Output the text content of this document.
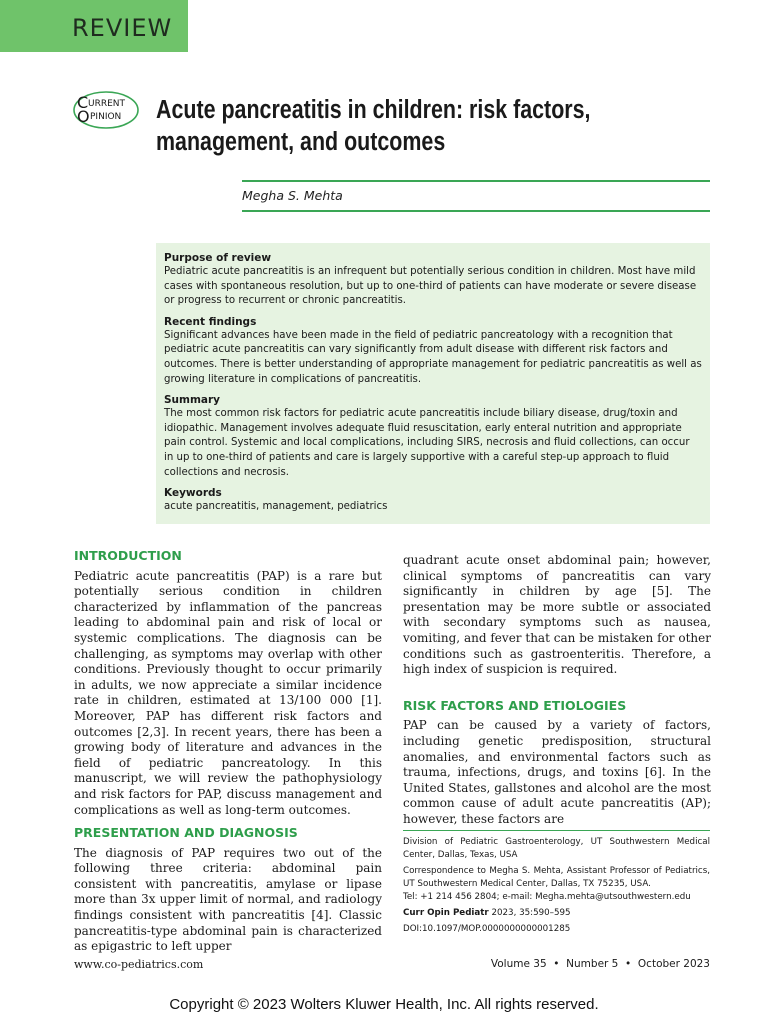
REVIEW
C URRENT
O PINION Acute pancreatitis in children: risk factors, management, and outcomes
Megha S. Mehta
Purpose of review

Pediatric acute pancreatitis is an infrequent but potentially serious condition in children. Most have mild cases with spontaneous resolution, but up to one-third of patients can have moderate or severe disease or progress to recurrent or chronic pancreatitis.

Recent findings

Significant advances have been made in the field of pediatric pancreatology with a recognition that pediatric acute pancreatitis can vary significantly from adult disease with different risk factors and outcomes. There is better understanding of appropriate management for pediatric pancreatitis as well as growing literature in complications of pancreatitis.

Summary

The most common risk factors for pediatric acute pancreatitis include biliary disease, drug/toxin and idiopathic. Management involves adequate fluid resuscitation, early enteral nutrition and appropriate pain control. Systemic and local complications, including SIRS, necrosis and fluid collections, can occur in up to one-third of patients and care is largely supportive with a careful step-up approach to fluid collections and necrosis.

Keywords

acute pancreatitis, management, pediatrics

INTRODUCTION

Pediatric acute pancreatitis (PAP) is a rare but potentially serious condition in children characterized by inflammation of the pancreas leading to abdominal pain and risk of local or systemic complications. The diagnosis can be challenging, as symptoms may overlap with other conditions. Previously thought to occur primarily in adults, we now appreciate a similar incidence rate in children, estimated at 13/100 000 [1]. Moreover, PAP has different risk factors and outcomes [2,3]. In recent years, there has been a growing body of literature and advances in the field of pediatric pancreatology. In this manuscript, we will review the pathophysiology and risk factors for PAP, discuss management and complications as well as long-term outcomes.

PRESENTATION AND DIAGNOSIS

The diagnosis of PAP requires two out of the following three criteria: abdominal pain consistent with pancreatitis, amylase or lipase more than 3x upper limit of normal, and radiology findings consistent with pancreatitis [4]. Classic pancreatitis-type abdominal pain is characterized as epigastric to left upper

quadrant acute onset abdominal pain; however, clinical symptoms of pancreatitis can vary significantly in children by age [5]. The presentation may be more subtle or associated with secondary symptoms such as nausea, vomiting, and fever that can be mistaken for other conditions such as gastroenteritis. Therefore, a high index of suspicion is required.

RISK FACTORS AND ETIOLOGIES

PAP can be caused by a variety of factors, including genetic predisposition, structural anomalies, and environmental factors such as trauma, infections, drugs, and toxins [6]. In the United States, gallstones and alcohol are the most common cause of adult acute pancreatitis (AP); however, these factors are

Division of Pediatric Gastroenterology, UT Southwestern Medical Center, Dallas, Texas, USA

Correspondence to Megha S. Mehta, Assistant Professor of Pediatrics, UT Southwestern Medical Center, Dallas, TX 75235, USA.
Tel: +1 214 456 2804; e-mail: Megha.mehta@utsouthwestern.edu

Curr Opin Pediatr 2023, 35:590–595

DOI:10.1097/MOP.0000000000001285

www.co-pediatrics.com	Volume 35  •  Number 5  •  October 2023
Copyright © 2023 Wolters Kluwer Health, Inc. All rights reserved.
